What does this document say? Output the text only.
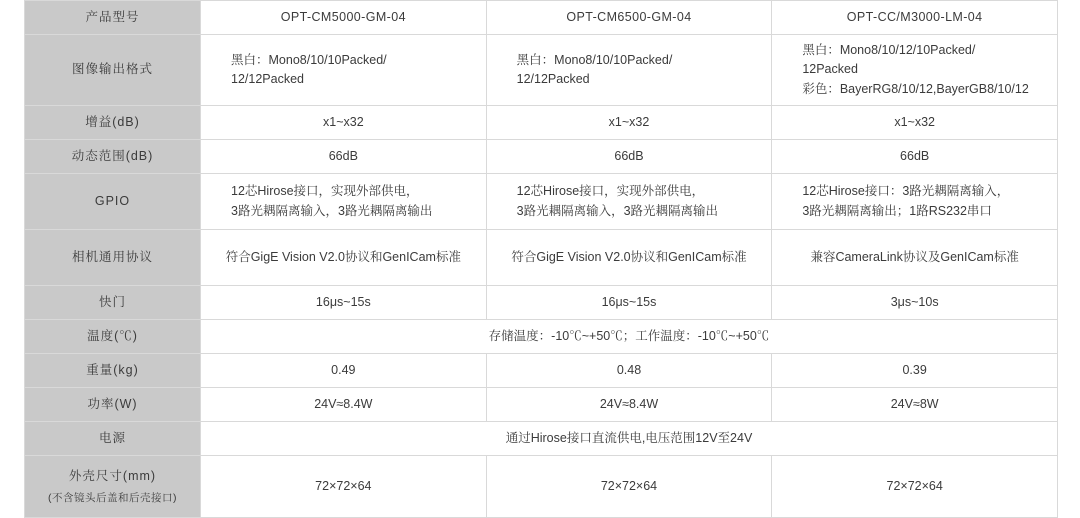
产品型号	OPT-CM5000-GM-04	OPT-CM6500-GM-04	OPT-CC/M3000-LM-04
图像输出格式	黑白：Mono8/10/10Packed/
12/12Packed	黑白：Mono8/10/10Packed/
12/12Packed	黑白：Mono8/10/12/10Packed/
12Packed
彩色：BayerRG8/10/12,BayerGB8/10/12

增益(dB)	x1~x32	x1~x32	x1~x32
动态范围(dB)	66dB	66dB	66dB
GPIO	12芯Hirose接口，实现外部供电，
3路光耦隔离输入，3路光耦隔离输出	12芯Hirose接口，实现外部供电，
3路光耦隔离输入，3路光耦隔离输出	12芯Hirose接口：3路光耦隔离输入，
3路光耦隔离输出；1路RS232串口

相机通用协议	符合GigE Vision V2.0协议和GenICam标准	符合GigE Vision V2.0协议和GenICam标准	兼容CameraLink协议及GenICam标准
快门	16μs~15s	16μs~15s	3μs~10s
温度(℃)	存储温度：-10℃~+50℃；工作温度：-10℃~+50℃		
重量(kg)	0.49	0.48	0.39
功率(W)	24V≈8.4W	24V≈8.4W	24V≈8W
电源	通过Hirose接口直流供电,电压范围12V至24V		
外壳尺寸(mm)
(不含镜头后盖和后壳接口)	72×72×64	72×72×64	72×72×64
